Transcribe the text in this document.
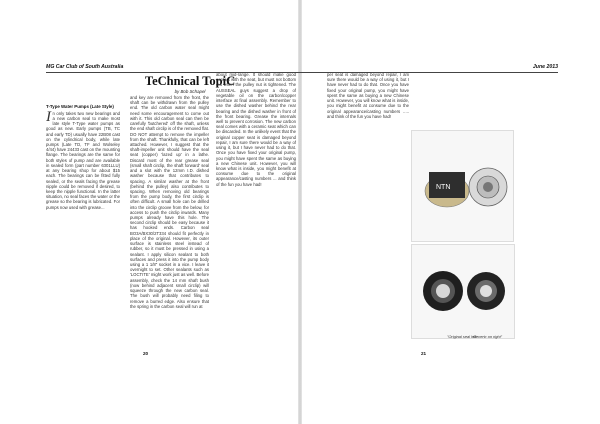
MG Car Club of South Australia	June 2013

per seat is damaged beyond repair, I am sure there would be a way of using it, but I have never had to do that. Once you have fixed your original pump, you might have spent the same as buying a new Chinese unit. However, you will know what is inside, you might benefit at consume due to the original appearance/casting numbers ..... and think of the fun you have had!

NTN
"Original seal left.
Generic on right"
21
TeChnical TopiC
by Bob Schapel
T-Type Water Pumps (Late Style)

In only takes two new bearings and a new carbon seal to make most late style T-Type water pumps as good as new. Early pumps (TB, TC and early TD) usually have 22B08 cast on the cylindrical body, while late pumps (Late TD, TF and Wolseley 4/44) have 24433 cast on the mounting flange. The bearings are the same for both styles of pump and are available in sealed form (part number 6301LLU) at any bearing shop for about $15 each. The bearings can be fitted fully sealed, or the seals facing the grease nipple could be removed if desired, to keep the nipple functional. In the latter situation, no seal faces the water or the grease so the bearing is lubricated. For pumps now used with grease...

and key are removed from the front, the shaft can be withdrawn from the pulley end. The old carbon water seal might need some encouragement to come out with it. This old carbon seal can then be carefully 'butchered' off the shaft, unless the end shaft circlip is of the removed flat. DO NOT attempt to remove the impeller from the shaft. Thankfully, that can be left attached. However, I suggest that the shaft-impeller unit should have the seal seat (copper) 'lazed up' in a lathe. Discard most of the rear grease seal (small shaft circlip, the shaft forward' seal and a slot with the 12mm I.D. dished washer because that contributes to spacing. A similar washer at the front (behind the pulley) also contributes to spacing. When removing old bearings from the pump body, the first circlip is often difficult. A small hole can be drilled into the circlip groove from the below, for access to push the circlip inwards. Many pumps already have this hole. The second circlip should be easy because it has hooked ends. Carbon seal BO3A/BX30/2T334 should fit perfectly in place of the original. However, its outer surface is stainless steel instead of rubber, so it must be pressed in using a sealant. I apply silicon sealant to both surfaces and press it into the pump body using a 1 1/8" socket in a vice. I leave it overnight to set. Other sealants such as 'LOCTITE' might work just as well. Before assembly, check the 14 mm shaft bush (now behind adjacent small circlip) will squeeze through the new carbon seal. The bush will probably need filing to remove a burred edge. Also ensure that the spring in the carbon seal will run at

about mid-range. It should make good contact with the seat, but must not bottom out when the pulley nut is tightened. The AUSSEAL guys suggest a drop of vegetable oil on the carbon/copper interface at final assembly. Remember to use the dished washer behind the rear bearing and the dished washer in front of the front bearing. Grease the internals well to prevent corrosion. The new carbon seal comes with a ceramic seat which can be discarded. In the unlikely event that the original copper seat is damaged beyond repair, I am sure there would be a way of using it, but I have never had to do that. Once you have fixed your original pump, you might have spent the same as buying a new Chinese unit. However, you will know what is inside, you might benefit at consume due to the original appearance/casting numbers ... and think of the fun you have had!

20
